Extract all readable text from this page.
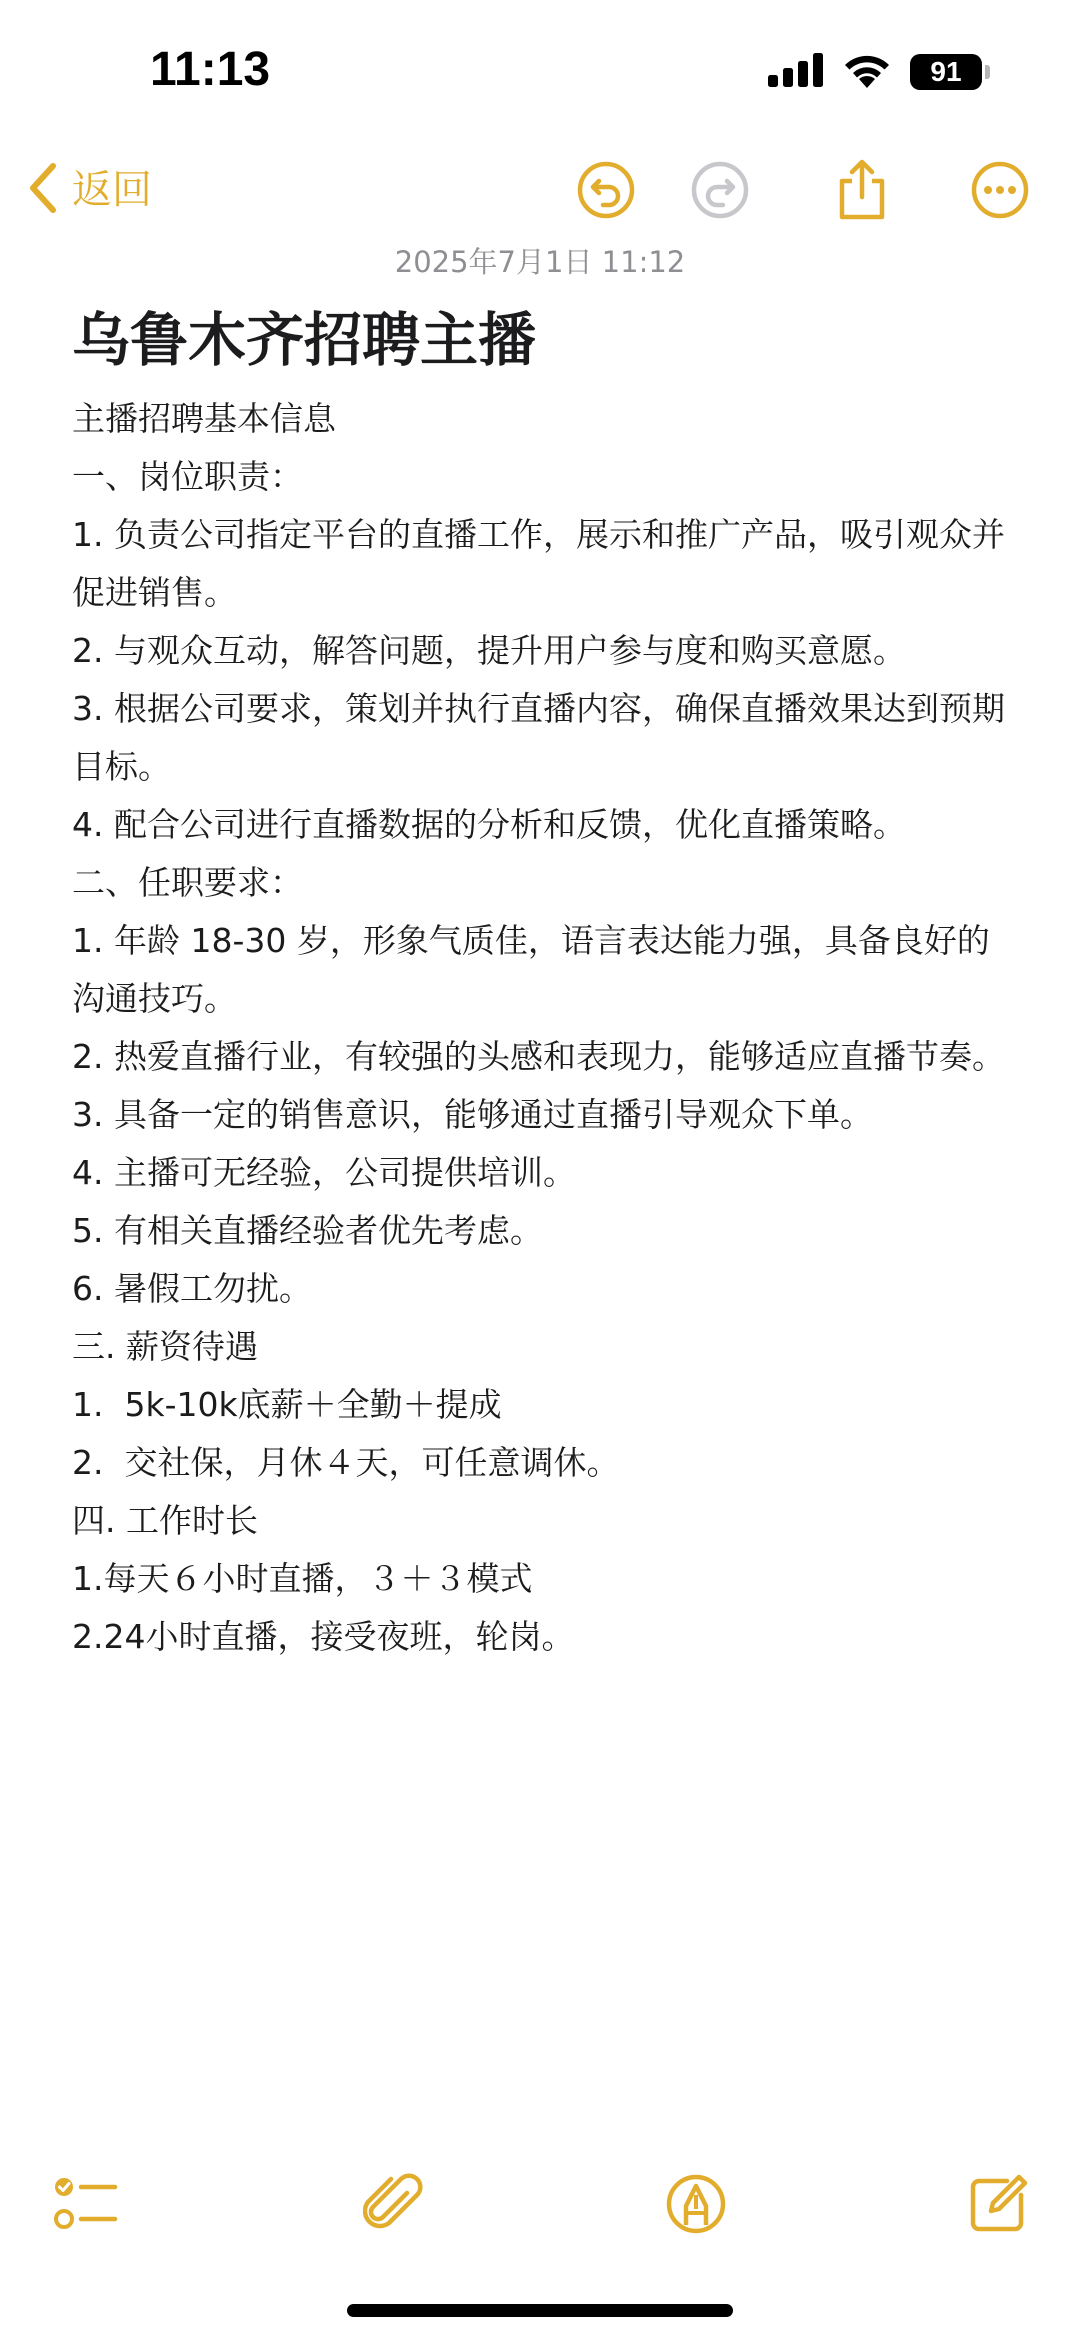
11:13	91
返回
2025年7月1日 11:12
乌鲁木齐招聘主播
主播招聘基本信息
一、岗位职责：
1. 负责公司指定平台的直播工作，展示和推广产品，吸引观众并促进销售。
2. 与观众互动，解答问题，提升用户参与度和购买意愿。
3. 根据公司要求，策划并执行直播内容，确保直播效果达到预期目标。
4. 配合公司进行直播数据的分析和反馈，优化直播策略。
二、任职要求：
1. 年龄 18-30 岁，形象气质佳，语言表达能力强，具备良好的沟通技巧。
2. 热爱直播行业，有较强的头感和表现力，能够适应直播节奏。
3. 具备一定的销售意识，能够通过直播引导观众下单。
4. 主播可无经验，公司提供培训。
5. 有相关直播经验者优先考虑。
6. 暑假工勿扰。
三. 薪资待遇
1.  5k-10k底薪＋全勤＋提成
2.  交社保，月休４天，可任意调休。
四. 工作时长
1.每天６小时直播，３＋３模式
2.24小时直播，接受夜班，轮岗。
